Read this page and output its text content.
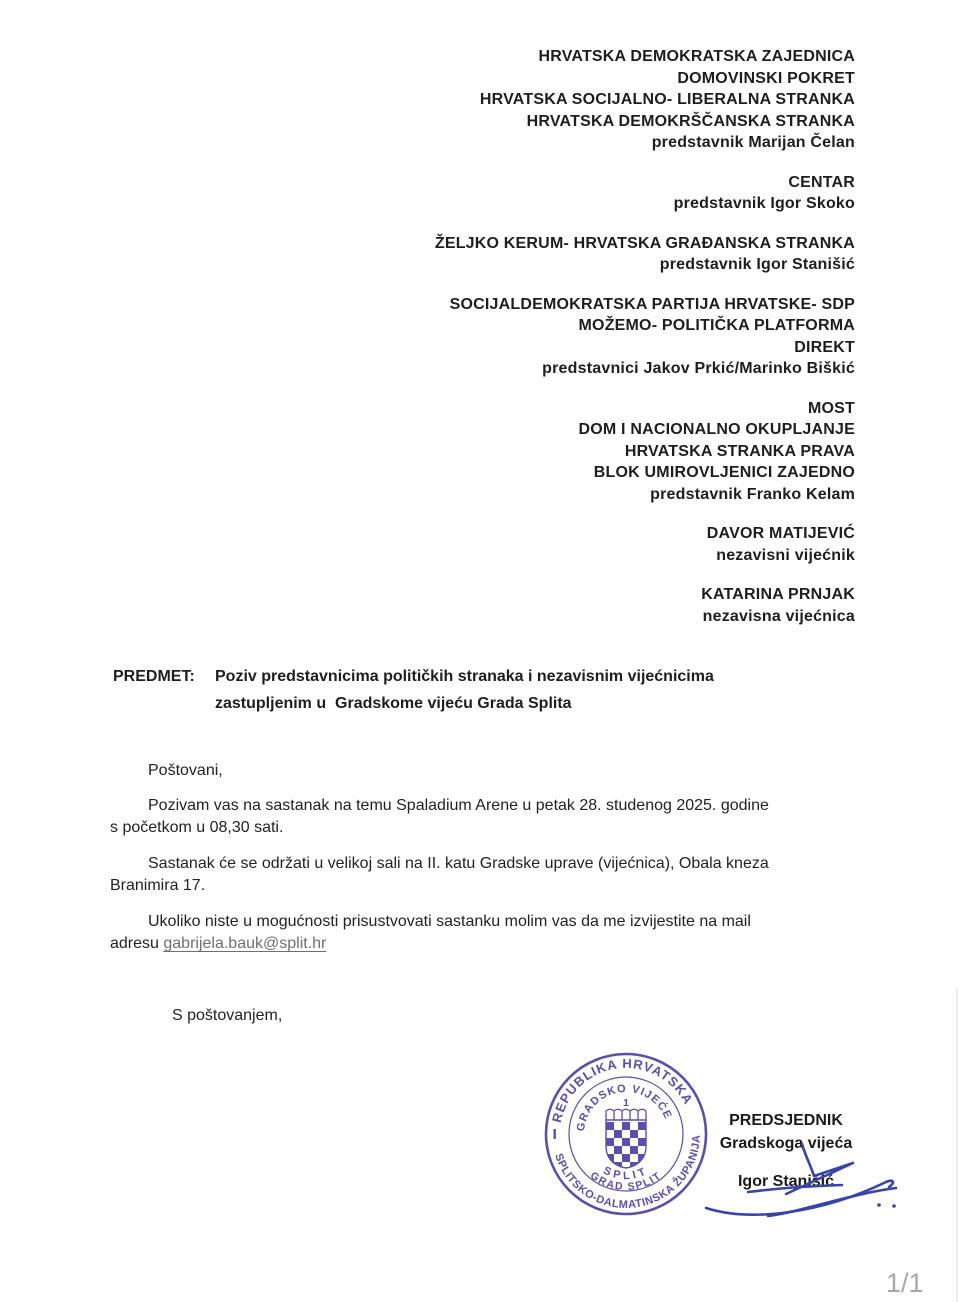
HRVATSKA DEMOKRATSKA ZAJEDNICA
DOMOVINSKI POKRET
HRVATSKA SOCIJALNO- LIBERALNA STRANKA
HRVATSKA DEMOKRŠČANSKA STRANKA
predstavnik Marijan Čelan
CENTAR
predstavnik Igor Skoko
ŽELJKO KERUM- HRVATSKA GRAĐANSKA STRANKA
predstavnik Igor Stanišić
SOCIJALDEMOKRATSKA PARTIJA HRVATSKE- SDP
MOŽEMO- POLITIČKA PLATFORMA
DIREKT
predstavnici Jakov Prkić/Marinko Biškić
MOST
DOM I NACIONALNO OKUPLJANJE
HRVATSKA STRANKA PRAVA
BLOK UMIROVLJENICI ZAJEDNO
predstavnik Franko Kelam
DAVOR MATIJEVIĆ
nezavisni vijećnik
KATARINA PRNJAK
nezavisna vijećnica
PREDMET: Poziv predstavnicima političkih stranaka i nezavisnim vijećnicima
zastupljenim u  Gradskome vijeću Grada Splita
Poštovani,
Pozivam vas na sastanak na temu Spaladium Arene u petak 28. studenog 2025. godine
s početkom u 08,30 sati.
Sastanak će se održati u velikoj sali na II. katu Gradske uprave (vijećnica), Obala kneza
Branimira 17.
Ukoliko niste u mogućnosti prisustvovati sastanku molim vas da me izvijestite na mail
adresu gabrijela.bauk@split.hr
S poštovanjem,
REPUBLIKA HRVATSKA
SPLITSKO-DALMATINSKA ŽUPANIJA
GRADSKO VIJEĆE
1
SPLIT
GRAD SPLIT
PREDSJEDNIK
Gradskoga vijeća
Igor Stanišić
1/1
